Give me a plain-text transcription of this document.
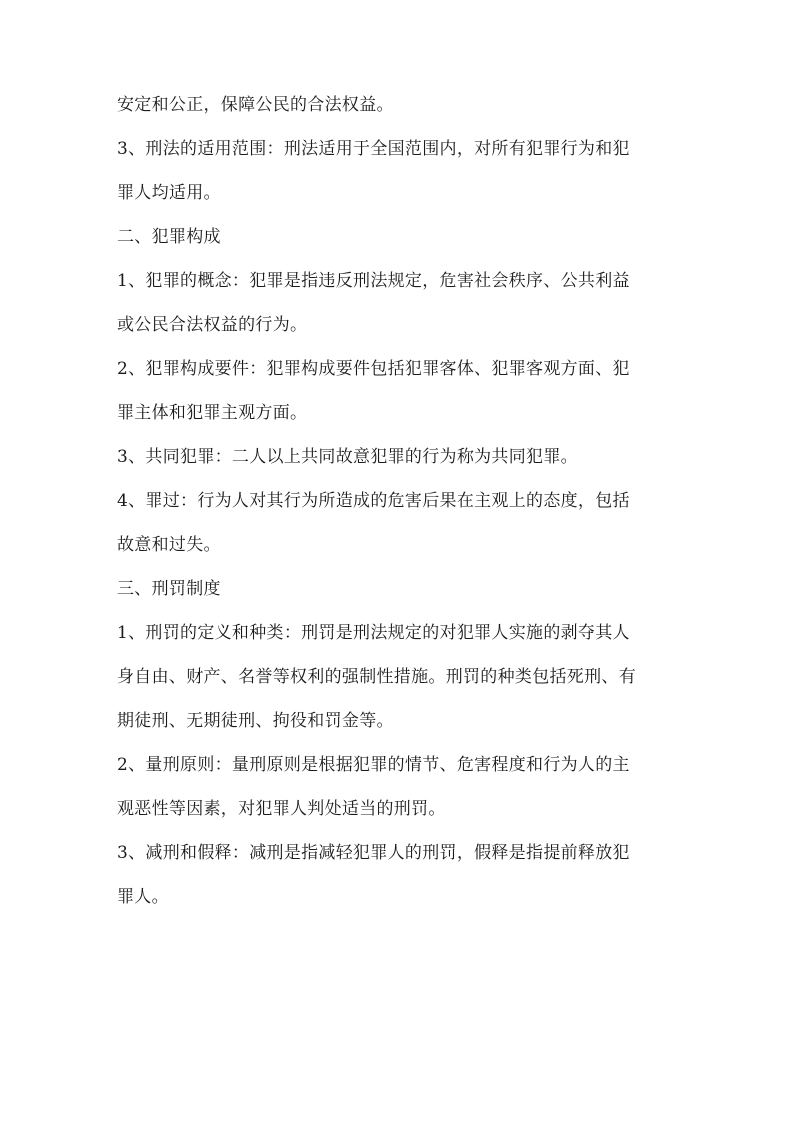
安定和公正，保障公民的合法权益。
3、刑法的适用范围：刑法适用于全国范围内，对所有犯罪行为和犯
罪人均适用。
二、犯罪构成
1、犯罪的概念：犯罪是指违反刑法规定，危害社会秩序、公共利益
或公民合法权益的行为。
2、犯罪构成要件：犯罪构成要件包括犯罪客体、犯罪客观方面、犯
罪主体和犯罪主观方面。
3、共同犯罪：二人以上共同故意犯罪的行为称为共同犯罪。
4、罪过：行为人对其行为所造成的危害后果在主观上的态度，包括
故意和过失。
三、刑罚制度
1、刑罚的定义和种类：刑罚是刑法规定的对犯罪人实施的剥夺其人
身自由、财产、名誉等权利的强制性措施。刑罚的种类包括死刑、有
期徒刑、无期徒刑、拘役和罚金等。
2、量刑原则：量刑原则是根据犯罪的情节、危害程度和行为人的主
观恶性等因素，对犯罪人判处适当的刑罚。
3、减刑和假释：减刑是指减轻犯罪人的刑罚，假释是指提前释放犯
罪人。
